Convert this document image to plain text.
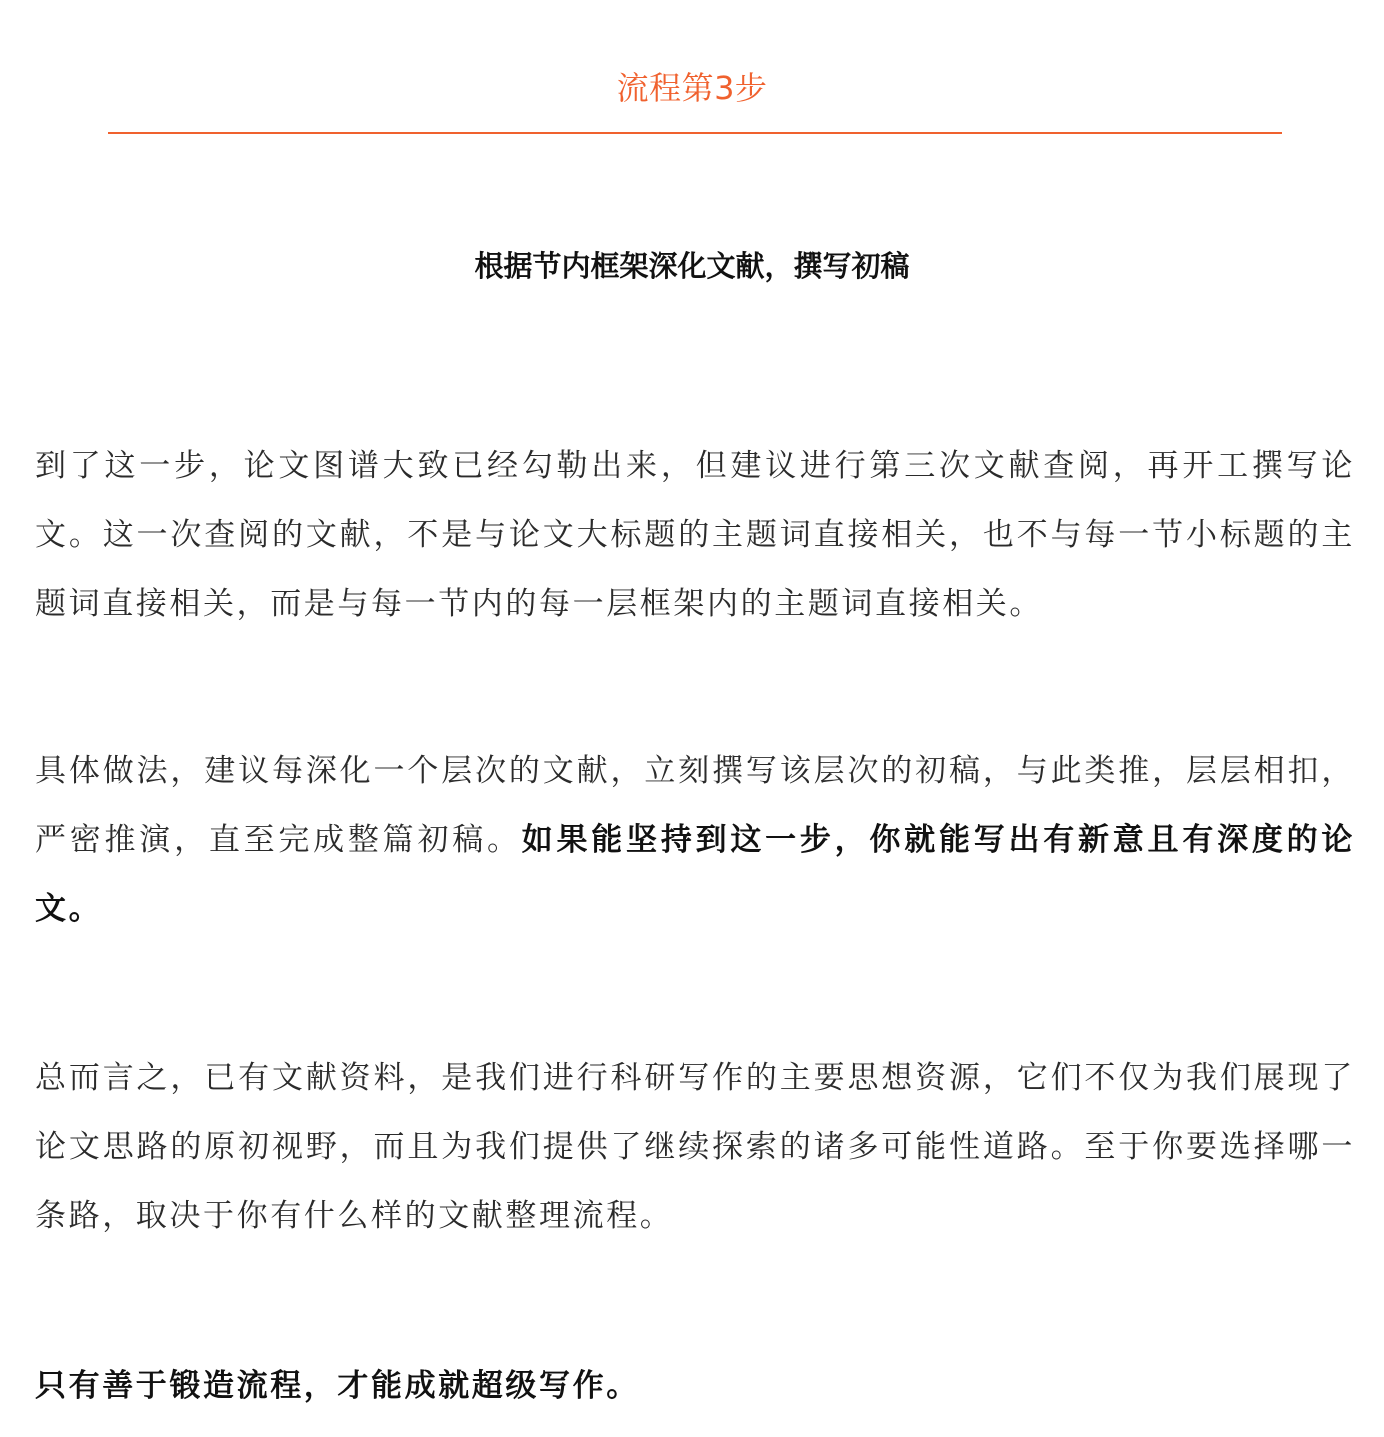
流程第3步
根据节内框架深化文献，撰写初稿

到了这一步，论文图谱大致已经勾勒出来，但建议进行第三次文献查阅，再开工撰写论文。这一次查阅的文献，不是与论文大标题的主题词直接相关，也不与每一节小标题的主题词直接相关，而是与每一节内的每一层框架内的主题词直接相关。

具体做法，建议每深化一个层次的文献，立刻撰写该层次的初稿，与此类推，层层相扣，严密推演，直至完成整篇初稿。如果能坚持到这一步，你就能写出有新意且有深度的论文。

总而言之，已有文献资料，是我们进行科研写作的主要思想资源，它们不仅为我们展现了论文思路的原初视野，而且为我们提供了继续探索的诸多可能性道路。至于你要选择哪一条路，取决于你有什么样的文献整理流程。

只有善于锻造流程，才能成就超级写作。
